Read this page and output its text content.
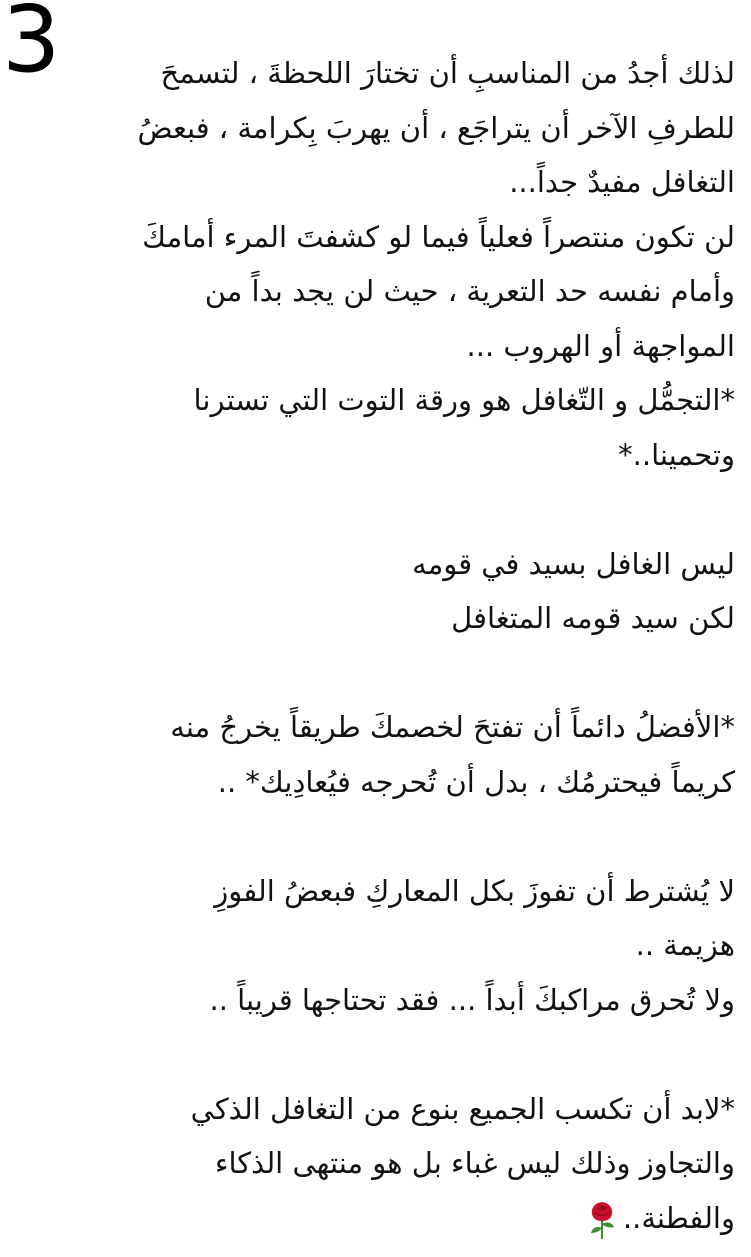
3	لذلك أجدُ من المناسبِ أن تختارَ اللحظةَ ، لتسمحَ
للطرفِ الآخر أن يتراجَع ، أن يهربَ بِكرامة ، فبعضُ
التغافل مفيدٌ جداً...
لن تكون منتصراً فعلياً فيما لو كشفتَ المرء أمامكَ
وأمام نفسه حد التعرية ، حيث لن يجد بداً من
المواجهة أو الهروب ...
*التجمُّل و التّغافل هو ورقة التوت التي تسترنا
وتحمينا..*
ليس الغافل بسيد في قومه
لكن سيد قومه المتغافل
*الأفضلُ دائماً أن تفتحَ لخصمكَ طريقاً يخرجُ منه
كريماً فيحترمُك ، بدل أن تُحرجه فيُعادِيك* ..
لا يُشترط أن تفوزَ بكل المعاركِ فبعضُ الفوزِ
هزيمة ..
ولا تُحرق مراكبكَ أبداً ... فقد تحتاجها قريباً ..
*لابد أن تكسب الجميع بنوع من التغافل الذكي
والتجاوز وذلك ليس غباء بل هو منتهى الذكاء
والفطنة..
